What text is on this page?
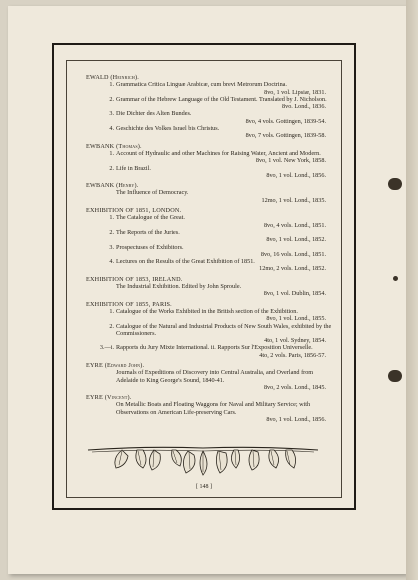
EWALD (Heinrich).
1. Grammatica Critica Linguæ Arabicæ, cum brevi Metrorum Doctrina.
8vo, 1 vol. Lipsiæ, 1831.
2. Grammar of the Hebrew Language of the Old Testament. Translated by J. Nicholson.
8vo. Lond., 1836.
3. Die Dichter des Alten Bundes.
8vo, 4 vols. Gottingen, 1839-54.
4. Geschichte des Volkes Israel bis Christus.
8vo, 7 vols. Gottingen, 1839-58.
EWBANK (Thomas).
1. Account of Hydraulic and other Machines for Raising Water, Ancient and Modern.
8vo, 1 vol. New York, 1858.
2. Life in Brazil.
8vo, 1 vol. Lond., 1856.
EWBANK (Henry).
The Influence of Democracy.
12mo, 1 vol. Lond., 1835.
EXHIBITION OF 1851, LONDON.
1. The Catalogue of the Great.
8vo, 4 vols. Lond., 1851.
2. The Reports of the Juries.
8vo, 1 vol. Lond., 1852.
3. Prospectuses of Exhibitors.
8vo, 16 vols. Lond., 1851.
4. Lectures on the Results of the Great Exhibition of 1851.
12mo, 2 vols. Lond., 1852.
EXHIBITION OF 1853, IRELAND.
The Industrial Exhibition. Edited by John Sproule.
8vo, 1 vol. Dublin, 1854.
EXHIBITION OF 1855, PARIS.
1. Catalogue of the Works Exhibited in the British section of the Exhibition.
8vo, 1 vol. Lond., 1855.
2. Catalogue of the Natural and Industrial Products of New South Wales, exhibited by the Commissioners.
4to, 1 vol. Sydney, 1854.
3.—i. Rapports du Jury Mixte International. ii. Rapports Sur l'Exposition Universelle.
4to, 2 vols. Paris, 1856-57.
EYRE (Edward John).
Journals of Expeditions of Discovery into Central Australia, and Overland from Adelaide to King George's Sound, 1840-41.
8vo, 2 vols. Lond., 1845.
EYRE (Vincent).
On Metallic Boats and Floating Waggons for Naval and Military Service; with Observations on American Life-preserving Cars.
8vo, 1 vol. Lond., 1856.
[ 148 ]
